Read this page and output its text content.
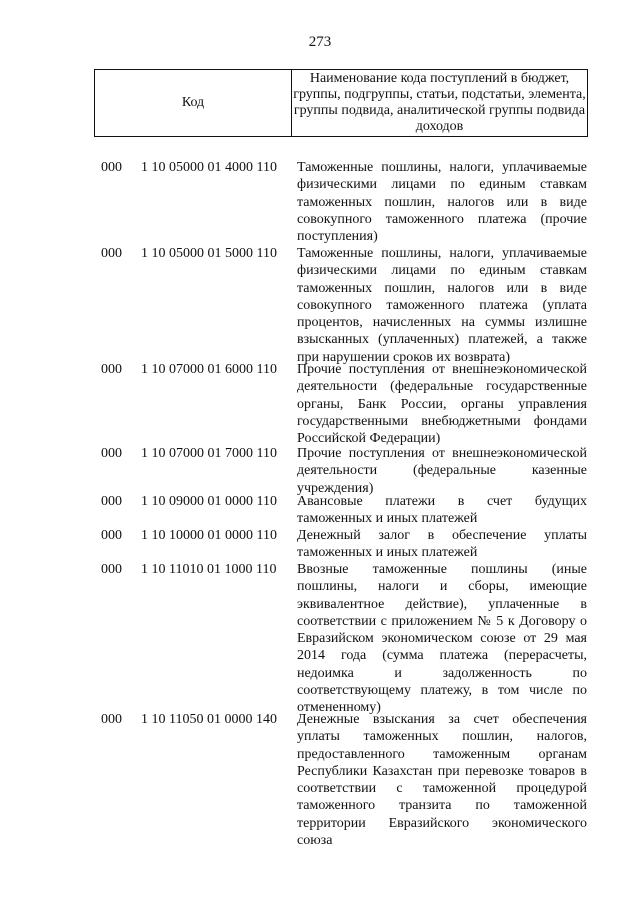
273
Код
Наименование кода поступлений в бюджет, группы, подгруппы, статьи, подстатьи, элемента, группы подвида, аналитической группы подвида доходов
000	1 10 05000 01 4000 110	Таможенные пошлины, налоги, уплачиваемые физическими лицами по единым ставкам таможенных пошлин, налогов или в виде совокупного таможенного платежа (прочие поступления)
000	1 10 05000 01 5000 110	Таможенные пошлины, налоги, уплачиваемые физическими лицами по единым ставкам таможенных пошлин, налогов или в виде совокупного таможенного платежа (уплата процентов, начисленных на суммы излишне взысканных (уплаченных) платежей, а также при нарушении сроков их возврата)
000	1 10 07000 01 6000 110	Прочие поступления от внешнеэкономической деятельности (федеральные государственные органы, Банк России, органы управления государственными внебюджетными фондами Российской Федерации)
000	1 10 07000 01 7000 110	Прочие поступления от внешнеэкономической деятельности (федеральные казенные учреждения)
000	1 10 09000 01 0000 110	Авансовые платежи в счет будущих таможенных и иных платежей
000	1 10 10000 01 0000 110	Денежный залог в обеспечение уплаты таможенных и иных платежей
000	1 10 11010 01 1000 110	Ввозные таможенные пошлины (иные пошлины, налоги и сборы, имеющие эквивалентное действие), уплаченные в соответствии с приложением № 5 к Договору о Евразийском экономическом союзе от 29 мая 2014 года (сумма платежа (перерасчеты, недоимка и задолженность по соответствующему платежу, в том числе по отмененному)
000	1 10 11050 01 0000 140	Денежные взыскания за счет обеспечения уплаты таможенных пошлин, налогов, предоставленного таможенным органам Республики Казахстан при перевозке товаров в соответствии с таможенной процедурой таможенного транзита по таможенной территории Евразийского экономического союза
